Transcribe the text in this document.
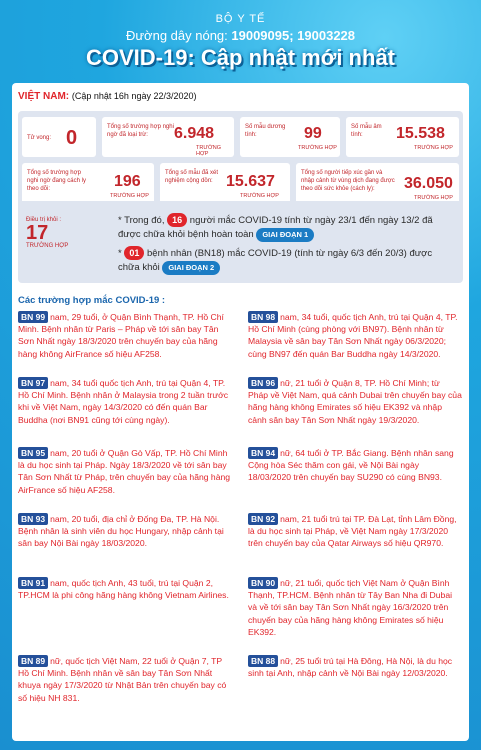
BỘ Y TẾ
Đường dây nóng: 19009095; 19003228
COVID-19: Cập nhật mới nhất
VIỆT NAM: (Cập nhật 16h ngày 22/3/2020)
Tử vong: 0	Tổng số trường hợp nghi ngờ đã loại trừ:	6.948
TRƯỜNG HỢP
Số mẫu dương tính:	99
TRƯỜNG HỢP
Số mẫu âm tính:	15.538
TRƯỜNG HỢP
Tổng số trường hợp nghi ngờ đang cách ly theo dõi:	196
TRƯỜNG HỢP
Tổng số mẫu đã xét nghiệm cộng dồn: 15.637
TRƯỜNG HỢP
Tổng số người tiếp xúc gần và nhập cảnh từ vùng dịch đang được theo dõi sức khỏe (cách ly):	36.050
TRƯỜNG HỢP
Điều trị khỏi :
17
TRƯỜNG HỢP
* Trong đó, 16 người mắc COVID-19 tính từ ngày 23/1 đến ngày 13/2 đã được chữa khỏi bệnh hoàn toàn GIAI ĐOẠN 1
* 01 bệnh nhân (BN18) mắc COVID-19 (tính từ ngày 6/3 đến 20/3) được chữa khỏi GIAI ĐOẠN 2
Các trường hợp mắc COVID-19 :
BN 99 nam, 29 tuổi, ở Quận Bình Thạnh, TP. Hồ Chí Minh. Bệnh nhân từ Paris – Pháp về tới sân bay Tân Sơn Nhất ngày 18/3/2020 trên chuyến bay của hãng hàng không AirFrance số hiệu AF258.
BN 98 nam, 34 tuổi, quốc tịch Anh, trú tại Quận 4, TP. Hồ Chí Minh (cùng phòng với BN97). Bệnh nhân từ Malaysia về sân bay Tân Sơn Nhất ngày 06/3/2020; cùng BN97 đến quán Bar Buddha ngày 14/3/2020.
BN 97 nam, 34 tuổi quốc tịch Anh, trú tại Quận 4, TP. Hồ Chí Minh. Bệnh nhân ở Malaysia trong 2 tuần trước khi về Việt Nam, ngày 14/3/2020 có đến quán Bar Buddha (nơi BN91 cũng tới cùng ngày).
BN 96 nữ, 21 tuổi ở Quận 8, TP. Hồ Chí Minh; từ Pháp về Việt Nam, quá cảnh Dubai trên chuyến bay của hãng hàng không Emirates số hiệu EK392 và nhập cảnh sân bay Tân Sơn Nhất ngày 19/3/2020.
BN 95 nam, 20 tuổi ở Quận Gò Vấp, TP. Hồ Chí Minh là du học sinh tại Pháp. Ngày 18/3/2020 về tới sân bay Tân Sơn Nhất từ Pháp, trên chuyến bay của hãng hàng AirFrance số hiệu AF258.
BN 94 nữ, 64 tuổi ở TP. Bắc Giang. Bệnh nhân sang Cộng hòa Séc thăm con gái, về Nội Bài ngày 18/03/2020 trên chuyến bay SU290 có cùng BN93.
BN 93 nam, 20 tuổi, địa chỉ ở Đống Đa, TP. Hà Nội. Bệnh nhân là sinh viên du học Hungary, nhập cảnh tại sân bay Nội Bài ngày 18/03/2020.
BN 92 nam, 21 tuổi trú tại TP. Đà Lạt, tỉnh Lâm Đồng, là du học sinh tại Pháp, về Việt Nam ngày 17/3/2020 trên chuyến bay của Qatar Airways số hiệu QR970.
BN 91 nam, quốc tịch Anh, 43 tuổi, trú tại Quận 2, TP.HCM là phi công hãng hàng không Vietnam Airlines.
BN 90 nữ, 21 tuổi, quốc tịch Việt Nam ở Quận Bình Thạnh, TP.HCM. Bệnh nhân từ Tây Ban Nha đi Dubai và về tới sân bay Tân Sơn Nhất ngày 16/3/2020 trên chuyến bay của hãng hàng không Emirates số hiệu EK392.
BN 89 nữ, quốc tịch Việt Nam, 22 tuổi ở Quận 7, TP Hồ Chí Minh. Bệnh nhân về sân bay Tân Sơn Nhất khuya ngày 17/3/2020 từ Nhật Bản trên chuyến bay có số hiệu NH 831.
BN 88 nữ, 25 tuổi trú tại Hà Đông, Hà Nội, là du học sinh tại Anh, nhập cảnh về Nội Bài ngày 12/03/2020.
